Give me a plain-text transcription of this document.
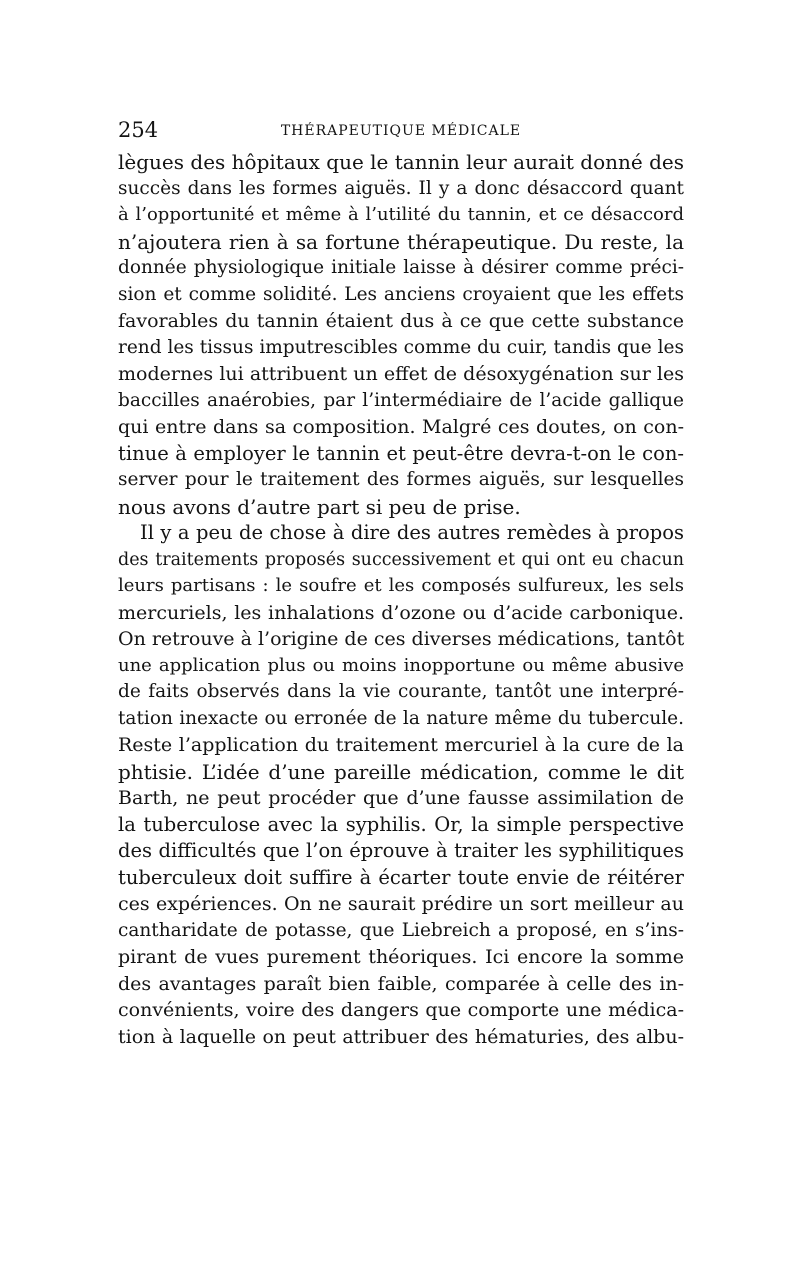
254	THÉRAPEUTIQUE MÉDICALE
lègues des hôpitaux que le tannin leur aurait donné des
succès dans les formes aiguës. Il y a donc désaccord quant
à l’opportunité et même à l’utilité du tannin, et ce désaccord
n’ajoutera rien à sa fortune thérapeutique. Du reste, la
donnée physiologique initiale laisse à désirer comme préci-
sion et comme solidité. Les anciens croyaient que les effets
favorables du tannin étaient dus à ce que cette substance
rend les tissus imputrescibles comme du cuir, tandis que les
modernes lui attribuent un effet de désoxygénation sur les
baccilles anaérobies, par l’intermédiaire de l’acide gallique
qui entre dans sa composition. Malgré ces doutes, on con-
tinue à employer le tannin et peut-être devra-t-on le con-
server pour le traitement des formes aiguës, sur lesquelles
nous avons d’autre part si peu de prise.
Il y a peu de chose à dire des autres remèdes à propos
des traitements proposés successivement et qui ont eu chacun
leurs partisans : le soufre et les composés sulfureux, les sels
mercuriels, les inhalations d’ozone ou d’acide carbonique.
On retrouve à l’origine de ces diverses médications, tantôt
une application plus ou moins inopportune ou même abusive
de faits observés dans la vie courante, tantôt une interpré-
tation inexacte ou erronée de la nature même du tubercule.
Reste l’application du traitement mercuriel à la cure de la
phtisie. L’idée d’une pareille médication, comme le dit
Barth, ne peut procéder que d’une fausse assimilation de
la tuberculose avec la syphilis. Or, la simple perspective
des difficultés que l’on éprouve à traiter les syphilitiques
tuberculeux doit suffire à écarter toute envie de réitérer
ces expériences. On ne saurait prédire un sort meilleur au
cantharidate de potasse, que Liebreich a proposé, en s’ins-
pirant de vues purement théoriques. Ici encore la somme
des avantages paraît bien faible, comparée à celle des in-
convénients, voire des dangers que comporte une médica-
tion à laquelle on peut attribuer des hématuries, des albu-
